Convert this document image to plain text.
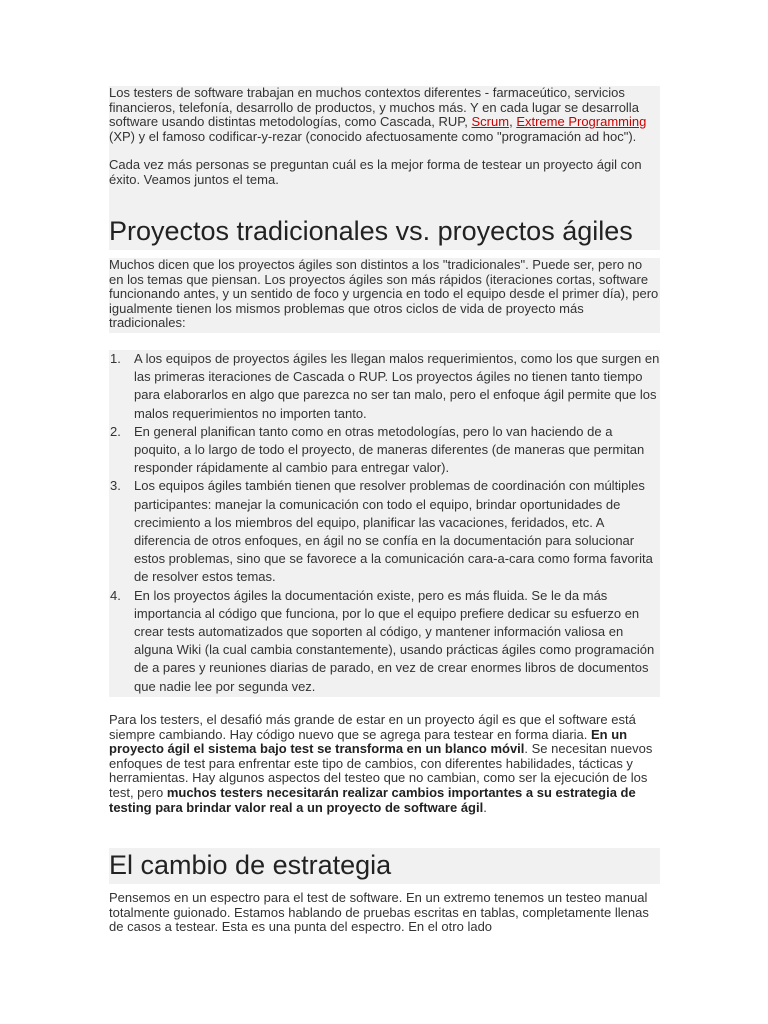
Los testers de software trabajan en muchos contextos diferentes - farmaceútico, servicios financieros, telefonía, desarrollo de productos, y muchos más. Y en cada lugar se desarrolla software usando distintas metodologías, como Cascada, RUP, Scrum, Extreme Programming (XP) y el famoso codificar-y-rezar (conocido afectuosamente como "programación ad hoc").

Cada vez más personas se preguntan cuál es la mejor forma de testear un proyecto ágil con éxito. Veamos juntos el tema.

Proyectos tradicionales vs. proyectos ágiles

Muchos dicen que los proyectos ágiles son distintos a los "tradicionales". Puede ser, pero no en los temas que piensan. Los proyectos ágiles son más rápidos (iteraciones cortas, software funcionando antes, y un sentido de foco y urgencia en todo el equipo desde el primer día), pero igualmente tienen los mismos problemas que otros ciclos de vida de proyecto más tradicionales:

1. A los equipos de proyectos ágiles les llegan malos requerimientos, como los que surgen en las primeras iteraciones de Cascada o RUP. Los proyectos ágiles no tienen tanto tiempo para elaborarlos en algo que parezca no ser tan malo, pero el enfoque ágil permite que los malos requerimientos no importen tanto.
2. En general planifican tanto como en otras metodologías, pero lo van haciendo de a poquito, a lo largo de todo el proyecto, de maneras diferentes (de maneras que permitan responder rápidamente al cambio para entregar valor).
3. Los equipos ágiles también tienen que resolver problemas de coordinación con múltiples participantes: manejar la comunicación con todo el equipo, brindar oportunidades de crecimiento a los miembros del equipo, planificar las vacaciones, feridados, etc. A diferencia de otros enfoques, en ágil no se confía en la documentación para solucionar estos problemas, sino que se favorece a la comunicación cara-a-cara como forma favorita de resolver estos temas.
4. En los proyectos ágiles la documentación existe, pero es más fluida. Se le da más importancia al código que funciona, por lo que el equipo prefiere dedicar su esfuerzo en crear tests automatizados que soporten al código, y mantener información valiosa en alguna Wiki (la cual cambia constantemente), usando prácticas ágiles como programación de a pares y reuniones diarias de parado, en vez de crear enormes libros de documentos que nadie lee por segunda vez.

Para los testers, el desafió más grande de estar en un proyecto ágil es que el software está siempre cambiando. Hay código nuevo que se agrega para testear en forma diaria. En un proyecto ágil el sistema bajo test se transforma en un blanco móvil. Se necesitan nuevos enfoques de test para enfrentar este tipo de cambios, con diferentes habilidades, tácticas y herramientas. Hay algunos aspectos del testeo que no cambian, como ser la ejecución de los test, pero muchos testers necesitarán realizar cambios importantes a su estrategia de testing para brindar valor real a un proyecto de software ágil.

El cambio de estrategia

Pensemos en un espectro para el test de software. En un extremo tenemos un testeo manual totalmente guionado. Estamos hablando de pruebas escritas en tablas, completamente llenas de casos a testear. Esta es una punta del espectro. En el otro lado
